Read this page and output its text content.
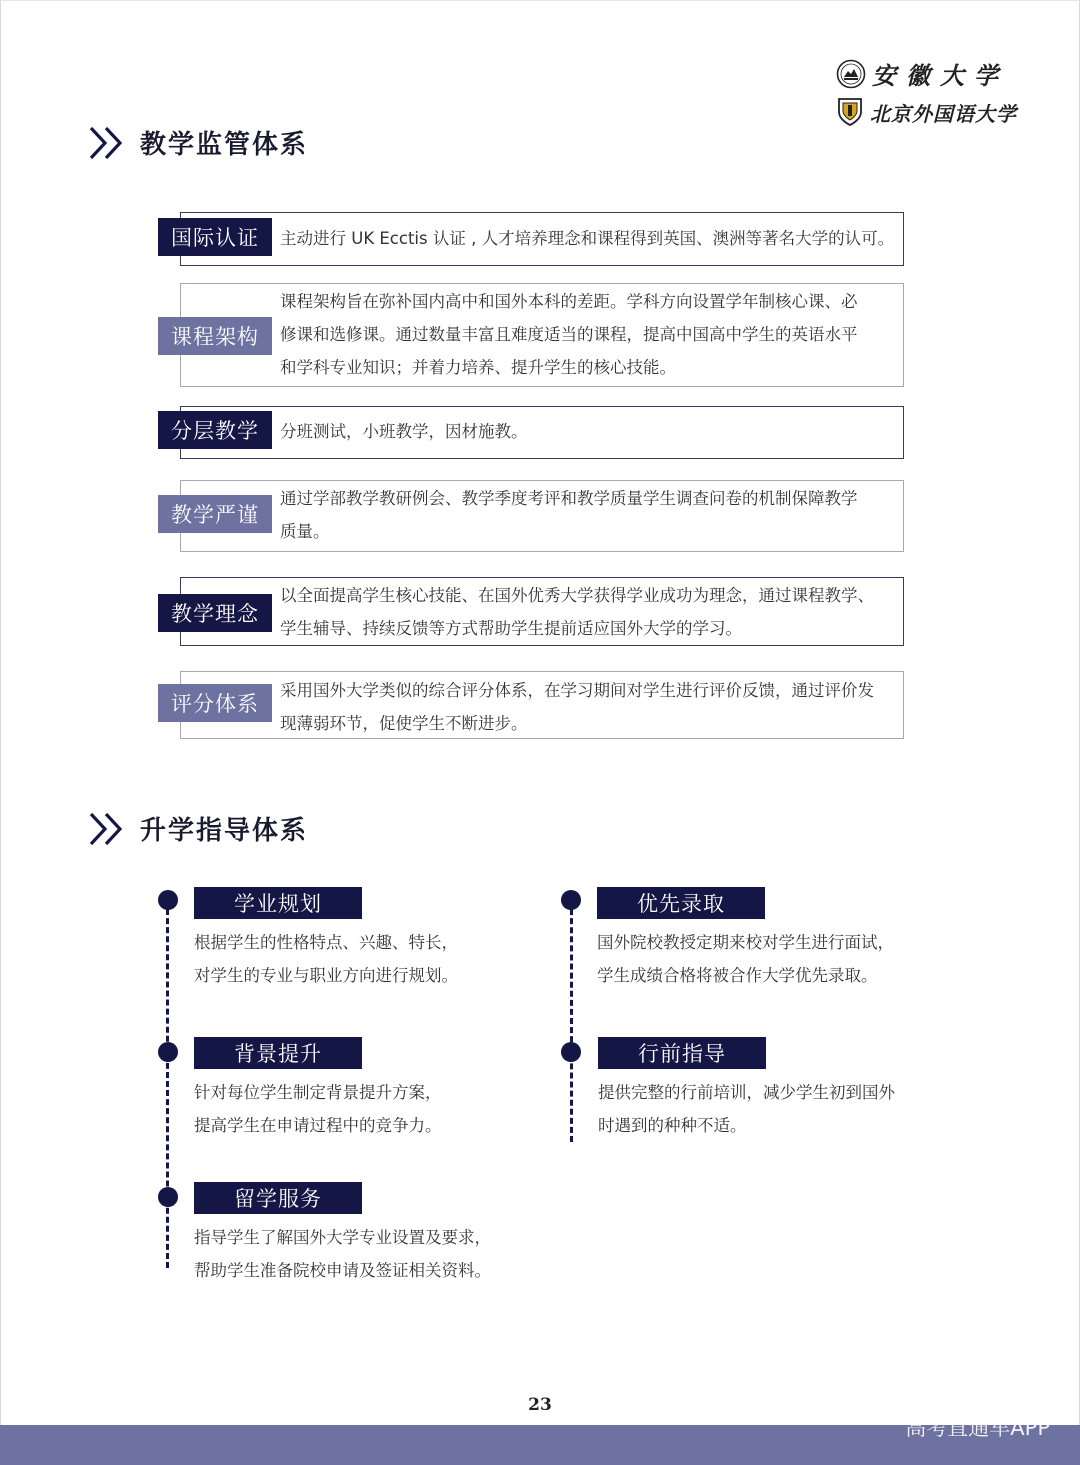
安徽大学
北京外国语大学
教学监管体系
主动进行 UK Ecctis 认证 , 人才培养理念和课程得到英国、澳洲等著名大学的认可。
国际认证
课程架构旨在弥补国内高中和国外本科的差距。学科方向设置学年制核心课、必
修课和选修课。通过数量丰富且难度适当的课程，提高中国高中学生的英语水平
和学科专业知识；并着力培养、提升学生的核心技能。
课程架构
分班测试，小班教学，因材施教。
分层教学
通过学部教学教研例会、教学季度考评和教学质量学生调查问卷的机制保障教学
质量。
教学严谨
以全面提高学生核心技能、在国外优秀大学获得学业成功为理念，通过课程教学、
学生辅导、持续反馈等方式帮助学生提前适应国外大学的学习。
教学理念
采用国外大学类似的综合评分体系，在学习期间对学生进行评价反馈，通过评价发
现薄弱环节，促使学生不断进步。
评分体系
升学指导体系
学业规划
根据学生的性格特点、兴趣、特长，
对学生的专业与职业方向进行规划。
背景提升
针对每位学生制定背景提升方案，
提高学生在申请过程中的竞争力。
留学服务
指导学生了解国外大学专业设置及要求，
帮助学生准备院校申请及签证相关资料。
优先录取
国外院校教授定期来校对学生进行面试，
学生成绩合格将被合作大学优先录取。
行前指导
提供完整的行前培训，减少学生初到国外
时遇到的种种不适。
23
高考直通车APP
